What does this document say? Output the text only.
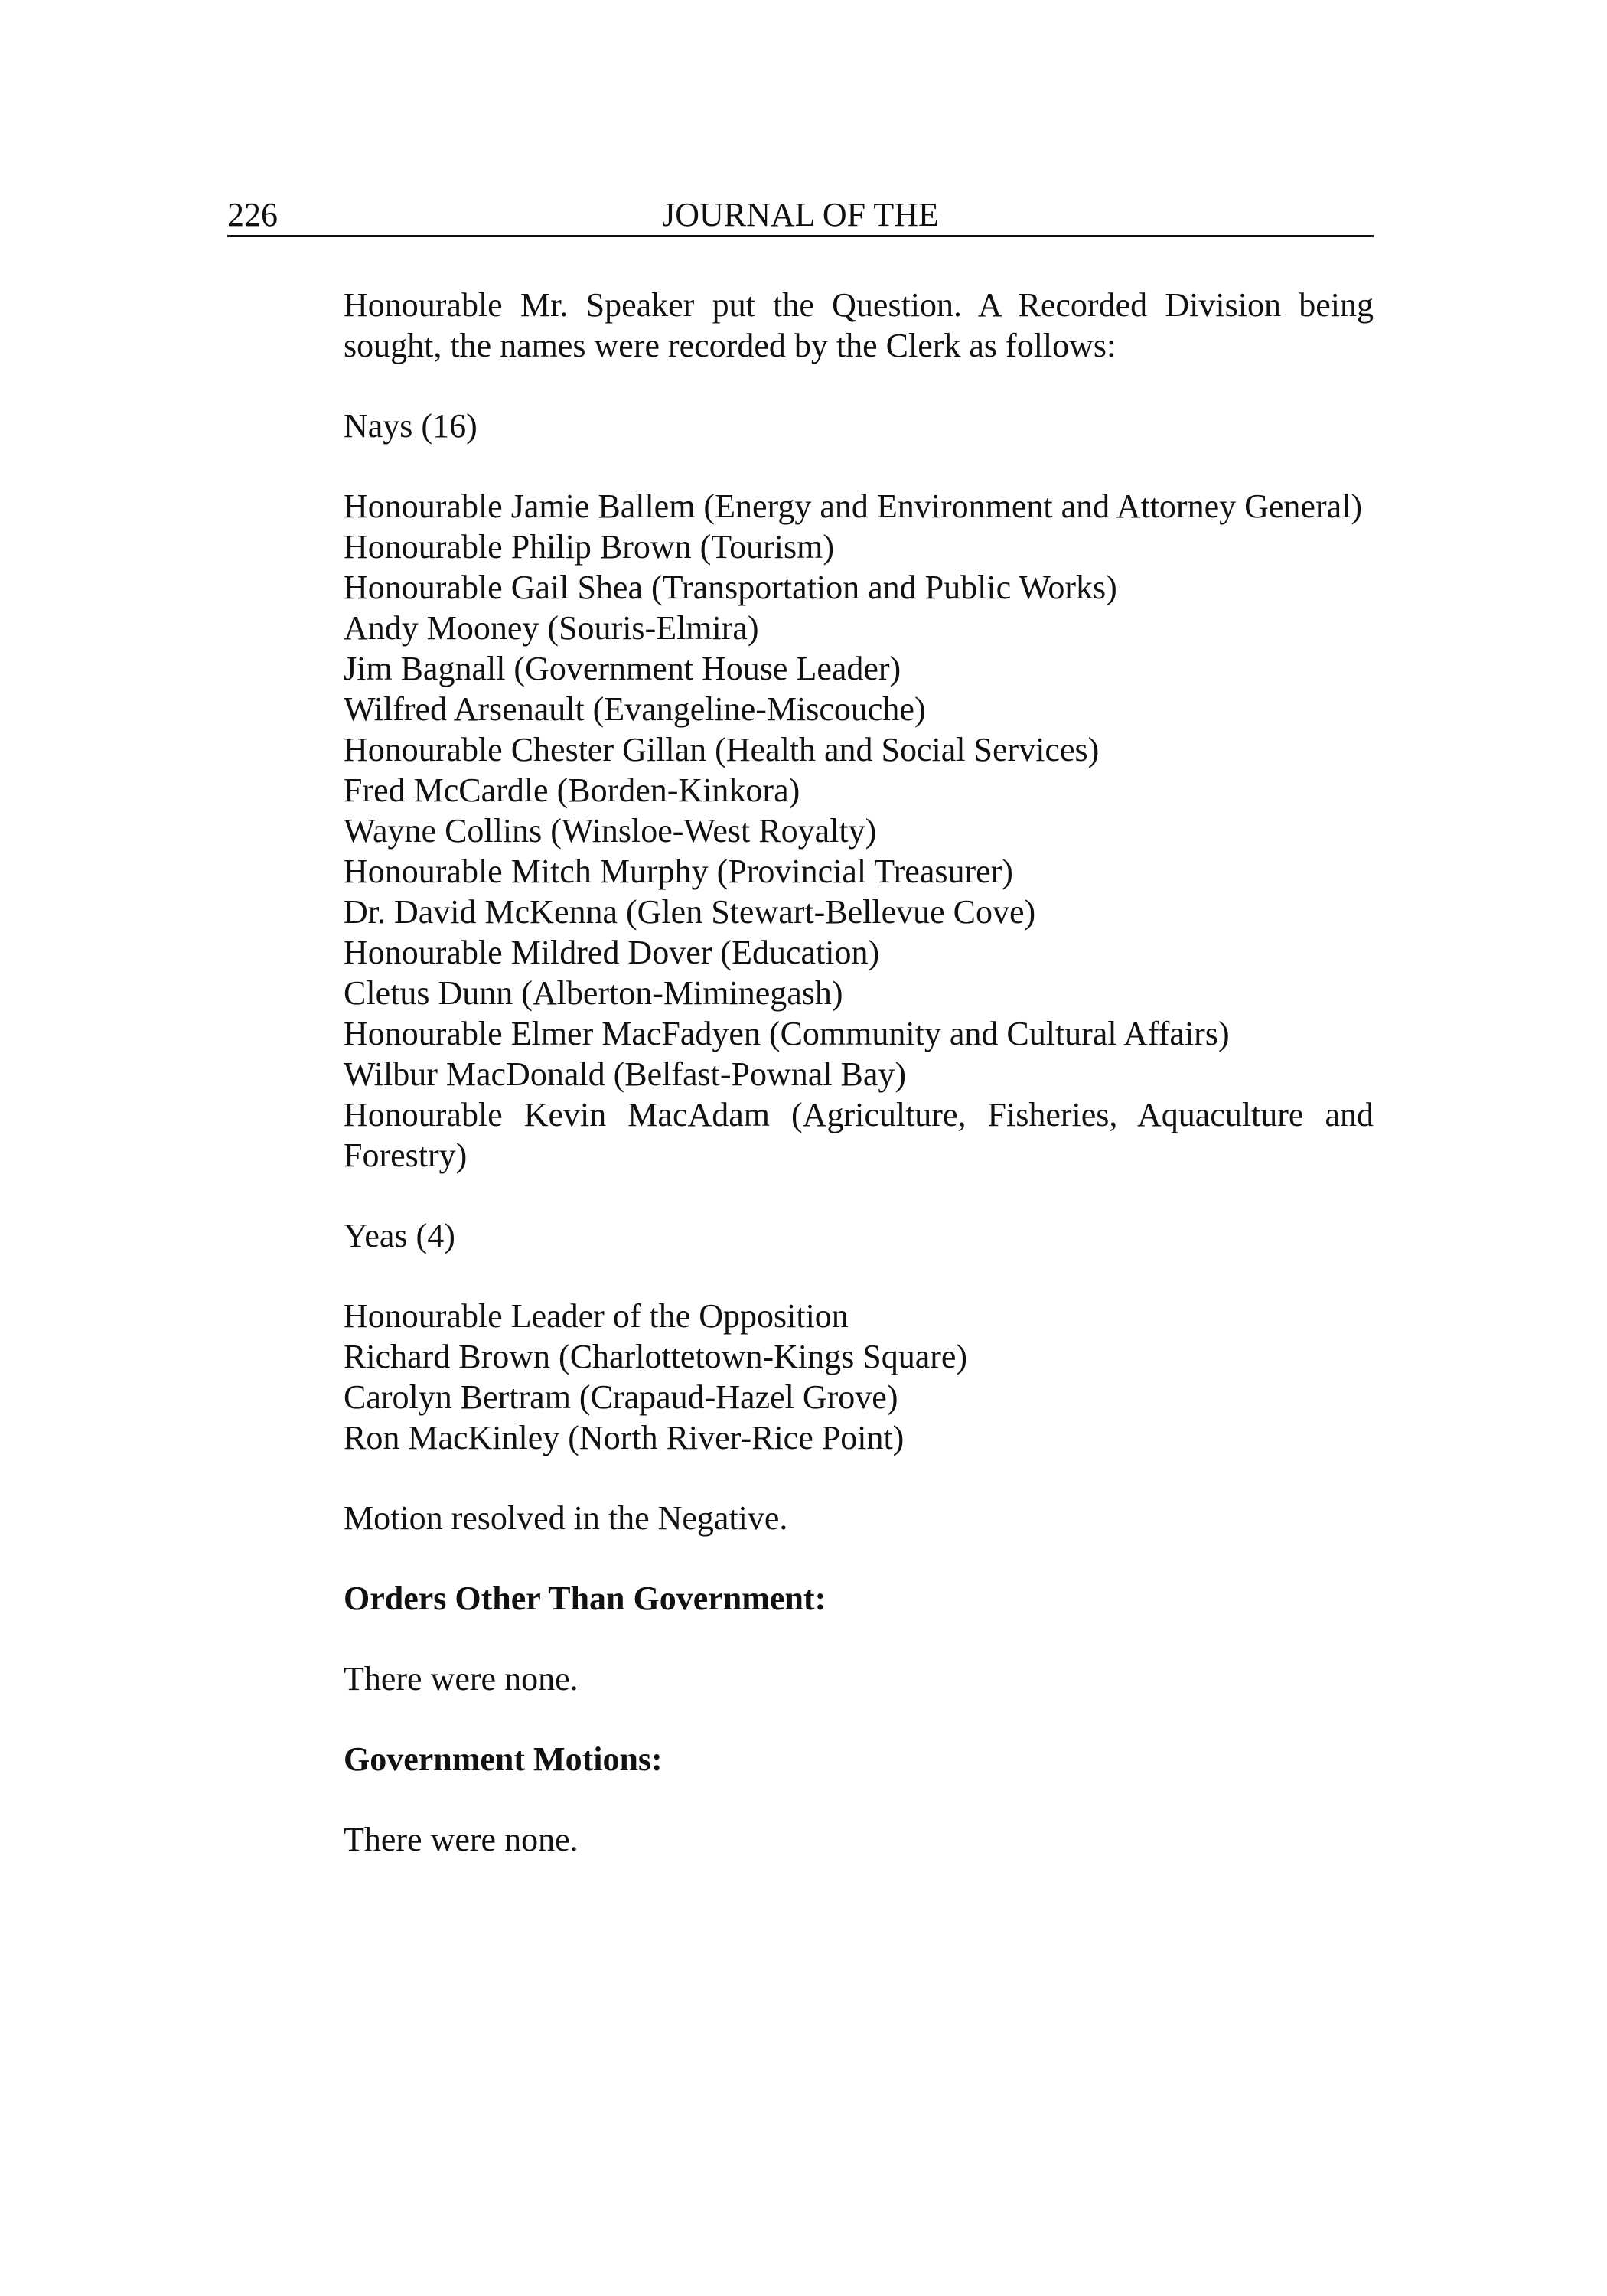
226	JOURNAL OF THE

Honourable Mr. Speaker put the Question. A Recorded Division being sought, the names were recorded by the Clerk as follows:

Nays (16)

Honourable Jamie Ballem (Energy and Environment and Attorney General)
Honourable Philip Brown (Tourism)
Honourable Gail Shea (Transportation and Public Works)
Andy Mooney (Souris-Elmira)
Jim Bagnall (Government House Leader)
Wilfred Arsenault (Evangeline-Miscouche)
Honourable Chester Gillan (Health and Social Services)
Fred McCardle (Borden-Kinkora)
Wayne Collins (Winsloe-West Royalty)
Honourable Mitch Murphy (Provincial Treasurer)
Dr. David McKenna (Glen Stewart-Bellevue Cove)
Honourable Mildred Dover (Education)
Cletus Dunn (Alberton-Miminegash)
Honourable Elmer MacFadyen (Community and Cultural Affairs)
Wilbur MacDonald (Belfast-Pownal Bay)
Honourable Kevin MacAdam (Agriculture, Fisheries, Aquaculture and Forestry)

Yeas (4)

Honourable Leader of the Opposition
Richard Brown (Charlottetown-Kings Square)
Carolyn Bertram (Crapaud-Hazel Grove)
Ron MacKinley (North River-Rice Point)

Motion resolved in the Negative.

Orders Other Than Government:

There were none.

Government Motions:

There were none.
